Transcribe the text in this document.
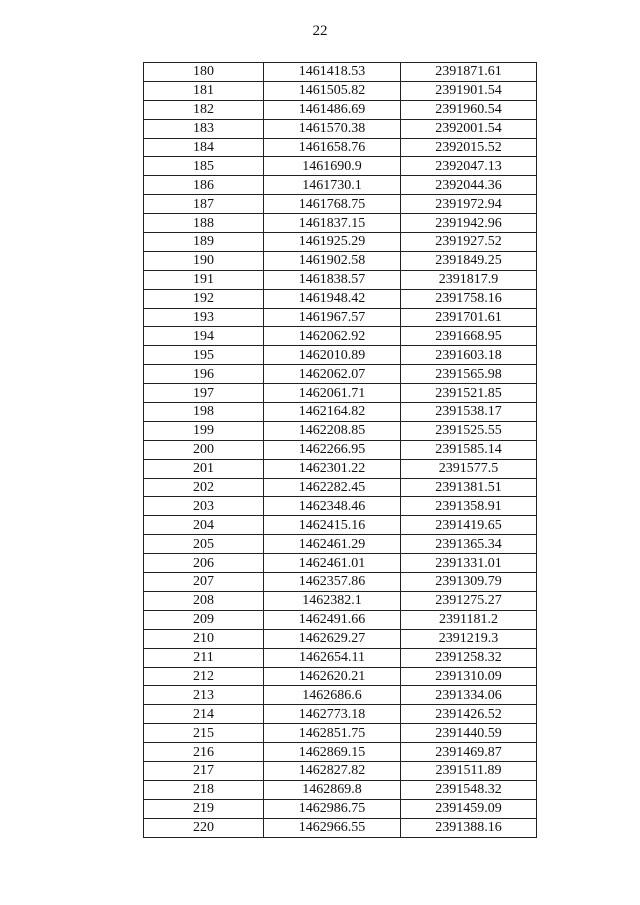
22
180	1461418.53	2391871.61
181	1461505.82	2391901.54
182	1461486.69	2391960.54
183	1461570.38	2392001.54
184	1461658.76	2392015.52
185	1461690.9	2392047.13
186	1461730.1	2392044.36
187	1461768.75	2391972.94
188	1461837.15	2391942.96
189	1461925.29	2391927.52
190	1461902.58	2391849.25
191	1461838.57	2391817.9
192	1461948.42	2391758.16
193	1461967.57	2391701.61
194	1462062.92	2391668.95
195	1462010.89	2391603.18
196	1462062.07	2391565.98
197	1462061.71	2391521.85
198	1462164.82	2391538.17
199	1462208.85	2391525.55
200	1462266.95	2391585.14
201	1462301.22	2391577.5
202	1462282.45	2391381.51
203	1462348.46	2391358.91
204	1462415.16	2391419.65
205	1462461.29	2391365.34
206	1462461.01	2391331.01
207	1462357.86	2391309.79
208	1462382.1	2391275.27
209	1462491.66	2391181.2
210	1462629.27	2391219.3
211	1462654.11	2391258.32
212	1462620.21	2391310.09
213	1462686.6	2391334.06
214	1462773.18	2391426.52
215	1462851.75	2391440.59
216	1462869.15	2391469.87
217	1462827.82	2391511.89
218	1462869.8	2391548.32
219	1462986.75	2391459.09
220	1462966.55	2391388.16
